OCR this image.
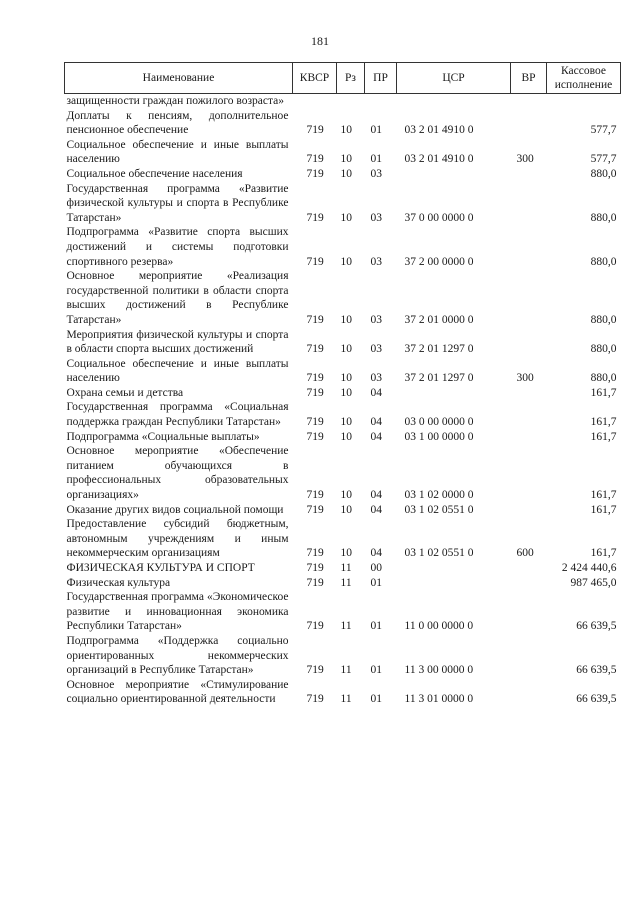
181
Наименование	КВСР	Рз	ПР	ЦСР	ВР	Кассовое
исполнение
защищенности граждан пожилого возраста»						
Доплаты к пенсиям, дополнительное пенсионное обеспечение	719	10	01	03 2 01 4910 0		577,7
Социальное обеспечение и иные выплаты населению	719	10	01	03 2 01 4910 0	300	577,7
Социальное обеспечение населения	719	10	03			880,0
Государственная программа «Развитие физической культуры и спорта в Республике Татарстан»	719	10	03	37 0 00 0000 0		880,0
Подпрограмма «Развитие спорта высших достижений и системы подготовки спортивного резерва»	719	10	03	37 2 00 0000 0		880,0
Основное мероприятие «Реализация государственной политики в области спорта высших достижений в Республике Татарстан»	719	10	03	37 2 01 0000 0		880,0
Мероприятия физической культуры и спорта в области спорта высших достижений	719	10	03	37 2 01 1297 0		880,0
Социальное обеспечение и иные выплаты населению	719	10	03	37 2 01 1297 0	300	880,0
Охрана семьи и детства	719	10	04			161,7
Государственная программа «Социальная поддержка граждан Республики Татарстан»	719	10	04	03 0 00 0000 0		161,7
Подпрограмма «Социальные выплаты»	719	10	04	03 1 00 0000 0		161,7
Основное мероприятие «Обеспечение питанием обучающихся в профессиональных образовательных организациях»	719	10	04	03 1 02 0000 0		161,7
Оказание других видов социальной помощи	719	10	04	03 1 02 0551 0		161,7
Предоставление субсидий бюджетным, автономным учреждениям и иным некоммерческим организациям	719	10	04	03 1 02 0551 0	600	161,7
ФИЗИЧЕСКАЯ КУЛЬТУРА И СПОРТ	719	11	00			2 424 440,6
Физическая культура	719	11	01			987 465,0
Государственная программа «Экономическое развитие и инновационная экономика Республики Татарстан»	719	11	01	11 0 00 0000 0		66 639,5
Подпрограмма «Поддержка социально ориентированных некоммерческих организаций в Республике Татарстан»	719	11	01	11 3 00 0000 0		66 639,5
Основное мероприятие «Стимулирование социально ориентированной деятельности	719	11	01	11 3 01 0000 0		66 639,5
